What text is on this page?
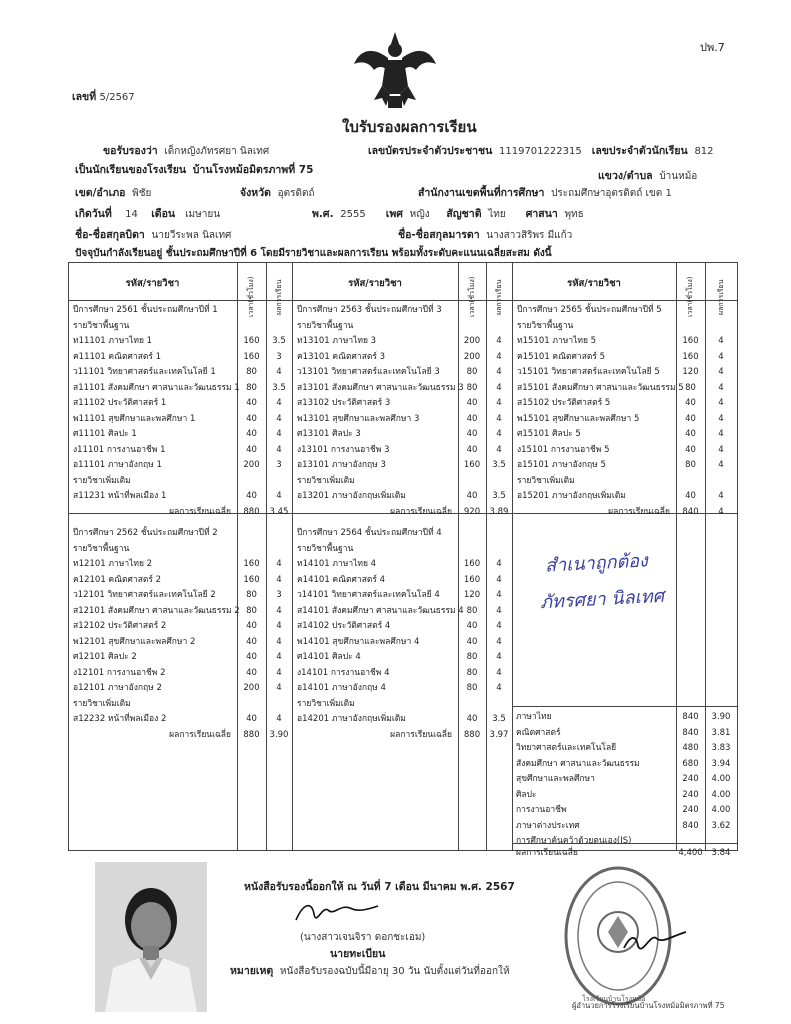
ปพ.7
เลขที่ 5/2567
ใบรับรองผลการเรียน
ขอรับรองว่า เด็กหญิงภัทรศยา นิลเทศ	เลขบัตรประจำตัวประชาชน 1119701222315 เลขประจำตัวนักเรียน 812
เป็นนักเรียนของโรงเรียน บ้านโรงหม้อมิตรภาพที่ 75	แขวง/ตำบล บ้านหม้อ
เขต/อำเภอ พิชัย	จังหวัด อุตรดิตถ์	สำนักงานเขตพื้นที่การศึกษา ประถมศึกษาอุตรดิตถ์ เขต 1
เกิดวันที่ 14 เดือน เมษายน	พ.ศ. 2555 เพศ หญิง สัญชาติ ไทย ศาสนา พุทธ
ชื่อ-ชื่อสกุลบิดา นายวีระพล นิลเทศ	ชื่อ-ชื่อสกุลมารดา นางสาวสิริพร มีแก้ว
ปัจจุบันกำลังเรียนอยู่ ชั้นประถมศึกษาปีที่ 6 โดยมีรายวิชาและผลการเรียน พร้อมทั้งระดับคะแนนเฉลี่ยสะสม ดังนี้
รหัส/รายวิชา	เวลา(ชั่วโมง)	ผลการเรียน	รหัส/รายวิชา	เวลา(ชั่วโมง)	ผลการเรียน	รหัส/รายวิชา	เวลา(ชั่วโมง)	ผลการเรียน
ปีการศึกษา 2561 ชั้นประถมศึกษาปีที่ 1
รายวิชาพื้นฐาน
ท11101 ภาษาไทย 1	160	3.5
ค11101 คณิตศาสตร์ 1	160	3
ว11101 วิทยาศาสตร์และเทคโนโลยี 1	80	4
ส11101 สังคมศึกษา ศาสนาและวัฒนธรรม 1 80	3.5
ส11102 ประวัติศาสตร์ 1	40	4
พ11101 สุขศึกษาและพลศึกษา 1	40	4
ศ11101 ศิลปะ 1	40	4
ง11101 การงานอาชีพ 1	40	4
อ11101 ภาษาอังกฤษ 1	200	3
รายวิชาเพิ่มเติม
ส11231 หน้าที่พลเมือง 1	40	4
ผลการเรียนเฉลี่ย	880	3.45
ปีการศึกษา 2562 ชั้นประถมศึกษาปีที่ 2
รายวิชาพื้นฐาน
ท12101 ภาษาไทย 2	160	4
ค12101 คณิตศาสตร์ 2	160	4
ว12101 วิทยาศาสตร์และเทคโนโลยี 2	80	3
ส12101 สังคมศึกษา ศาสนาและวัฒนธรรม 2 80	4
ส12102 ประวัติศาสตร์ 2	40	4
พ12101 สุขศึกษาและพลศึกษา 2	40	4
ศ12101 ศิลปะ 2	40	4
ง12101 การงานอาชีพ 2	40	4
อ12101 ภาษาอังกฤษ 2	200	4
รายวิชาเพิ่มเติม
ส12232 หน้าที่พลเมือง 2	40	4
ผลการเรียนเฉลี่ย	880	3.90
ปีการศึกษา 2563 ชั้นประถมศึกษาปีที่ 3
รายวิชาพื้นฐาน
ท13101 ภาษาไทย 3	200	4
ค13101 คณิตศาสตร์ 3	200	4
ว13101 วิทยาศาสตร์และเทคโนโลยี 3	80	4
ส13101 สังคมศึกษา ศาสนาและวัฒนธรรม 3 80	4
ส13102 ประวัติศาสตร์ 3	40	4
พ13101 สุขศึกษาและพลศึกษา 3	40	4
ศ13101 ศิลปะ 3	40	4
ง13101 การงานอาชีพ 3	40	4
อ13101 ภาษาอังกฤษ 3	160	3.5
รายวิชาเพิ่มเติม
อ13201 ภาษาอังกฤษเพิ่มเติม	40	3.5
ผลการเรียนเฉลี่ย	920	3.89
ปีการศึกษา 2564 ชั้นประถมศึกษาปีที่ 4
รายวิชาพื้นฐาน
ท14101 ภาษาไทย 4	160	4
ค14101 คณิตศาสตร์ 4	160	4
ว14101 วิทยาศาสตร์และเทคโนโลยี 4	120	4
ส14101 สังคมศึกษา ศาสนาและวัฒนธรรม 4 80	4
ส14102 ประวัติศาสตร์ 4	40	4
พ14101 สุขศึกษาและพลศึกษา 4	40	4
ศ14101 ศิลปะ 4	80	4
ง14101 การงานอาชีพ 4	80	4
อ14101 ภาษาอังกฤษ 4	80	4
รายวิชาเพิ่มเติม
อ14201 ภาษาอังกฤษเพิ่มเติม	40	3.5
ผลการเรียนเฉลี่ย	880	3.97
ปีการศึกษา 2565 ชั้นประถมศึกษาปีที่ 5
รายวิชาพื้นฐาน
ท15101 ภาษาไทย 5	160	4
ค15101 คณิตศาสตร์ 5	160	4
ว15101 วิทยาศาสตร์และเทคโนโลยี 5	120	4
ส15101 สังคมศึกษา ศาสนาและวัฒนธรรม 5 80	4
ส15102 ประวัติศาสตร์ 5	40	4
พ15101 สุขศึกษาและพลศึกษา 5	40	4
ศ15101 ศิลปะ 5	40	4
ง15101 การงานอาชีพ 5	40	4
อ15101 ภาษาอังกฤษ 5	80	4
รายวิชาเพิ่มเติม
อ15201 ภาษาอังกฤษเพิ่มเติม	40	4
ผลการเรียนเฉลี่ย	840	4
ภาษาไทย	840	3.90
คณิตศาสตร์	840	3.81
วิทยาศาสตร์และเทคโนโลยี	480	3.83
สังคมศึกษา ศาสนาและวัฒนธรรม	680	3.94
สุขศึกษาและพลศึกษา	240	4.00
ศิลปะ	240	4.00
การงานอาชีพ	240	4.00
ภาษาต่างประเทศ	840	3.62
การศึกษาค้นคว้าด้วยตนเอง(IS)
ผลการเรียนเฉลี่ย	4,400	3.84
สำเนาถูกต้อง
ภัทรศยา นิลเทศ
หนังสือรับรองนี้ออกให้ ณ วันที่ 7 เดือน มีนาคม พ.ศ. 2567
(นางสาวเจนจิรา ดอกชะเอม)
นายทะเบียน
หมายเหตุ หนังสือรับรองฉบับนี้มีอายุ 30 วัน นับตั้งแต่วันที่ออกให้
โรงเรียนบ้านโรงหม้อ
ผู้อำนวยการโรงเรียนบ้านโรงหม้อมิตรภาพที่ 75
